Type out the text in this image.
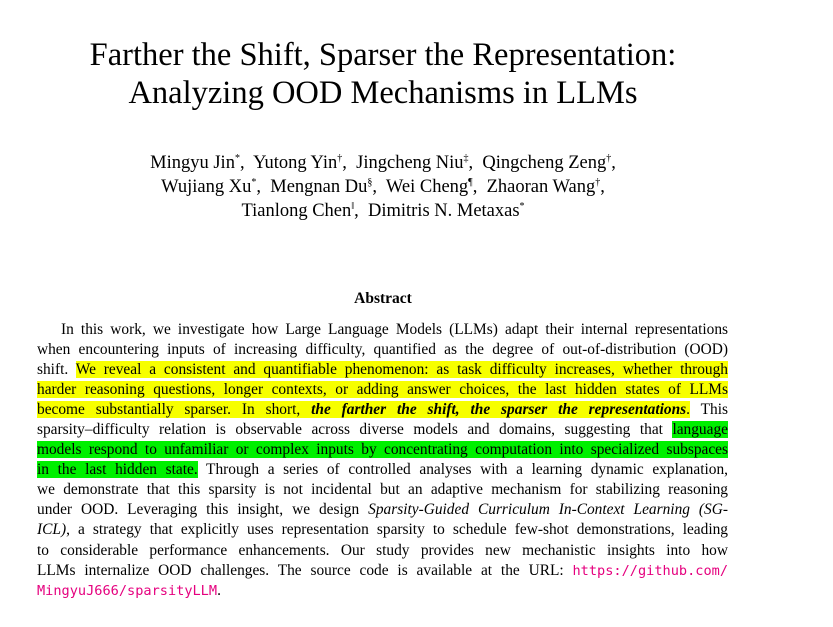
Farther the Shift, Sparser the Representation:
Analyzing OOD Mechanisms in LLMs
Mingyu Jin*,  Yutong Yin†,  Jingcheng Niu‡,  Qingcheng Zeng†,
Wujiang Xu*,  Mengnan Du§,  Wei Cheng¶,  Zhaoran Wang†,
Tianlong Chen‖,  Dimitris N. Metaxas*
Abstract
In this work, we investigate how Large Language Models (LLMs) adapt their internal representations
when encountering inputs of increasing difficulty, quantified as the degree of out-of-distribution (OOD)
shift. We reveal a consistent and quantifiable phenomenon: as task difficulty increases, whether through
harder reasoning questions, longer contexts, or adding answer choices, the last hidden states of LLMs
become substantially sparser. In short, the farther the shift, the sparser the representations. This
sparsity–difficulty relation is observable across diverse models and domains, suggesting that language
models respond to unfamiliar or complex inputs by concentrating computation into specialized subspaces
in the last hidden state. Through a series of controlled analyses with a learning dynamic explanation,
we demonstrate that this sparsity is not incidental but an adaptive mechanism for stabilizing reasoning
under OOD. Leveraging this insight, we design Sparsity-Guided Curriculum In-Context Learning (SG-
ICL), a strategy that explicitly uses representation sparsity to schedule few-shot demonstrations, leading
to considerable performance enhancements. Our study provides new mechanistic insights into how
LLMs internalize OOD challenges. The source code is available at the URL: https://github.com/
MingyuJ666/sparsityLLM.
